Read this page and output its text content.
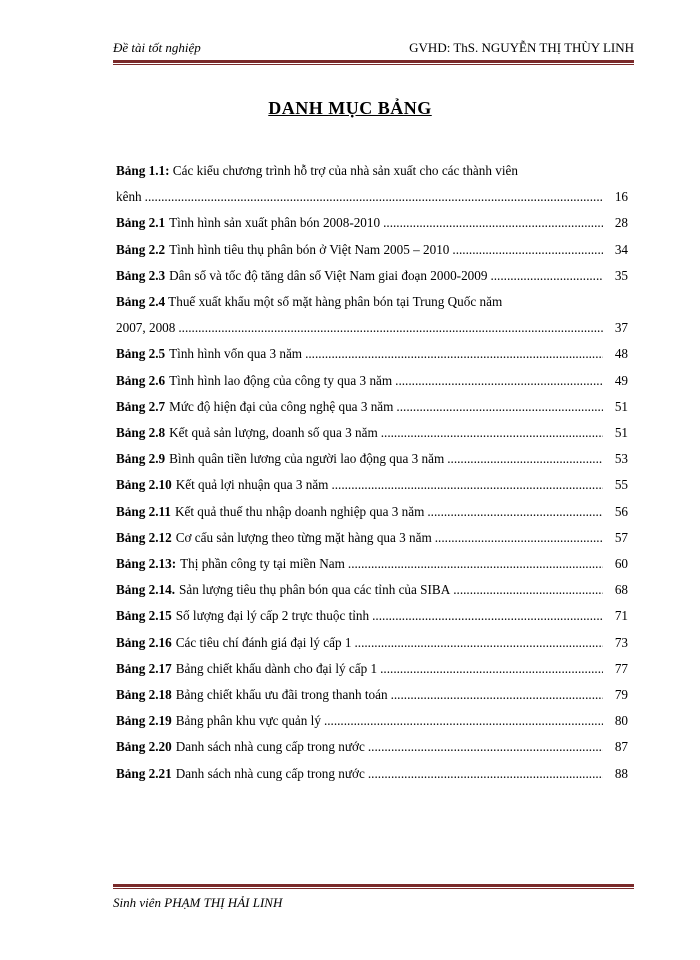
Đề tài tốt nghiệp	GVHD: ThS. NGUYỄN THỊ THÙY LINH
DANH MỤC BẢNG
Bảng 1.1: Các kiểu chương trình hỗ trợ của nhà sản xuất cho các thành viên
kênh .....	16
Bảng 2.1 Tình hình sản xuất phân bón 2008-2010 .....	28
Bảng 2.2 Tình hình tiêu thụ phân bón ở Việt Nam 2005 – 2010 .....	34
Bảng 2.3 Dân số và tốc độ tăng dân số Việt Nam giai đoạn 2000-2009 .....	35
Bảng 2.4 Thuế xuất khẩu một số mặt hàng phân bón tại Trung Quốc năm
2007, 2008 .....	37
Bảng 2.5 Tình hình vốn qua 3 năm .....	48
Bảng 2.6 Tình hình lao động của công ty qua 3 năm .....	49
Bảng 2.7 Mức độ hiện đại của công nghệ qua 3 năm .....	51
Bảng 2.8 Kết quả sản lượng, doanh số qua 3 năm .....	51
Bảng 2.9 Bình quân tiền lương của người lao động qua 3 năm .....	53
Bảng 2.10 Kết quả lợi nhuận qua 3 năm .....	55
Bảng 2.11 Kết quả thuế thu nhập doanh nghiệp qua 3 năm .....	56
Bảng 2.12 Cơ cấu sản lượng theo từng mặt hàng qua 3 năm .....	57
Bảng 2.13: Thị phần công ty tại miền Nam .....	60
Bảng 2.14. Sản lượng tiêu thụ phân bón qua các tỉnh của SIBA .....	68
Bảng 2.15 Số lượng đại lý cấp 2 trực thuộc tỉnh .....	71
Bảng 2.16 Các tiêu chí đánh giá đại lý cấp 1 .....	73
Bảng 2.17 Bảng chiết khấu dành cho đại lý cấp 1 .....	77
Bảng 2.18 Bảng chiết khấu ưu đãi trong thanh toán .....	79
Bảng 2.19 Bảng phân khu vực quản lý .....	80
Bảng 2.20 Danh sách nhà cung cấp trong nước .....	87
Bảng 2.21 Danh sách nhà cung cấp trong nước .....	88
Sinh viên PHẠM THỊ HẢI LINH
